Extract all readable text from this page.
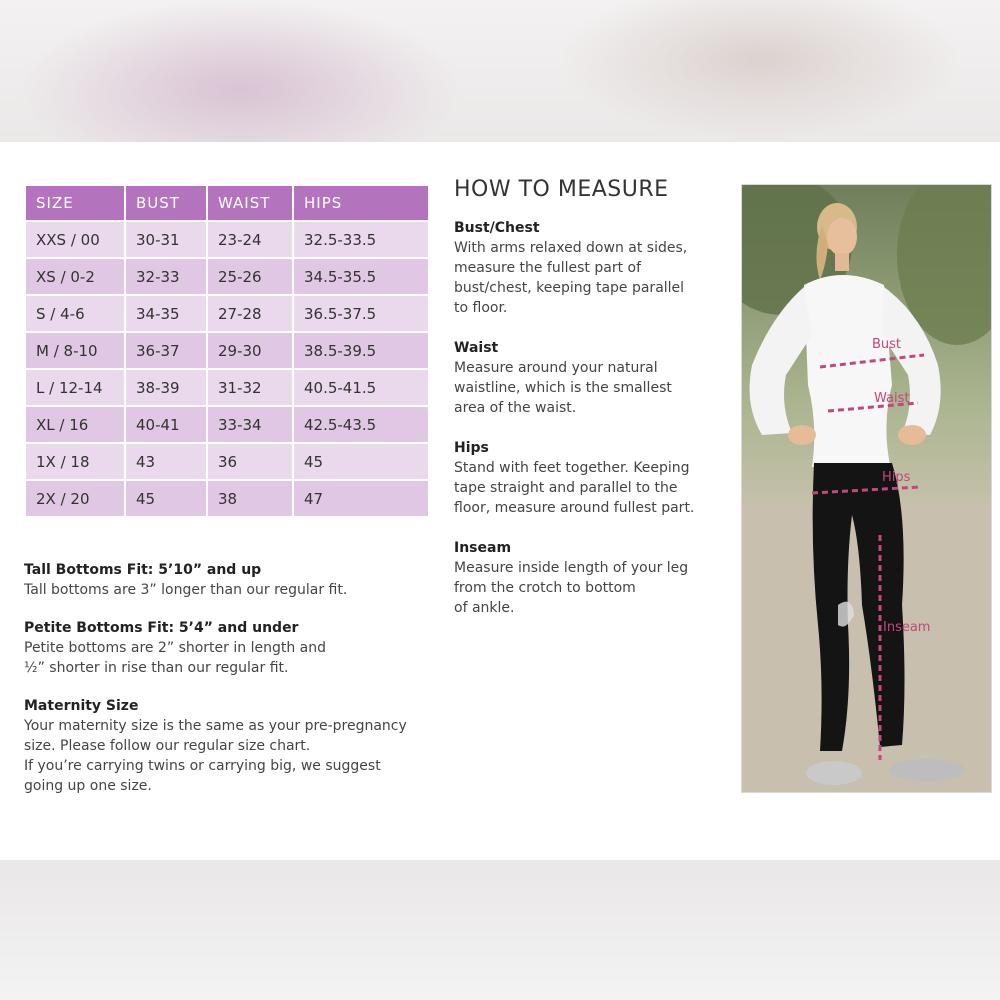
SIZE	BUST	WAIST	HIPS
XXS / 00	30-31	23-24	32.5-33.5
XS / 0-2	32-33	25-26	34.5-35.5
S / 4-6	34-35	27-28	36.5-37.5
M / 8-10	36-37	29-30	38.5-39.5
L / 12-14	38-39	31-32	40.5-41.5
XL / 16	40-41	33-34	42.5-43.5
1X / 18	43	36	45
2X / 20	45	38	47

Tall Bottoms Fit: 5’10” and up

Tall bottoms are 3” longer than our regular fit.

Petite Bottoms Fit: 5’4” and under

Petite bottoms are 2” shorter in length and

½” shorter in rise than our regular fit.

Maternity Size

Your maternity size is the same as your pre-pregnancy

size. Please follow our regular size chart.

If you’re carrying twins or carrying big, we suggest

going up one size.

HOW TO MEASURE

Bust/Chest

With arms relaxed down at sides,

measure the fullest part of

bust/chest, keeping tape parallel

to floor.

Waist

Measure around your natural

waistline, which is the smallest

area of the waist.

Hips

Stand with feet together. Keeping

tape straight and parallel to the

floor, measure around fullest part.

Inseam

Measure inside length of your leg

from the crotch to bottom

of ankle.

Bust
Waist
Hips
Inseam
